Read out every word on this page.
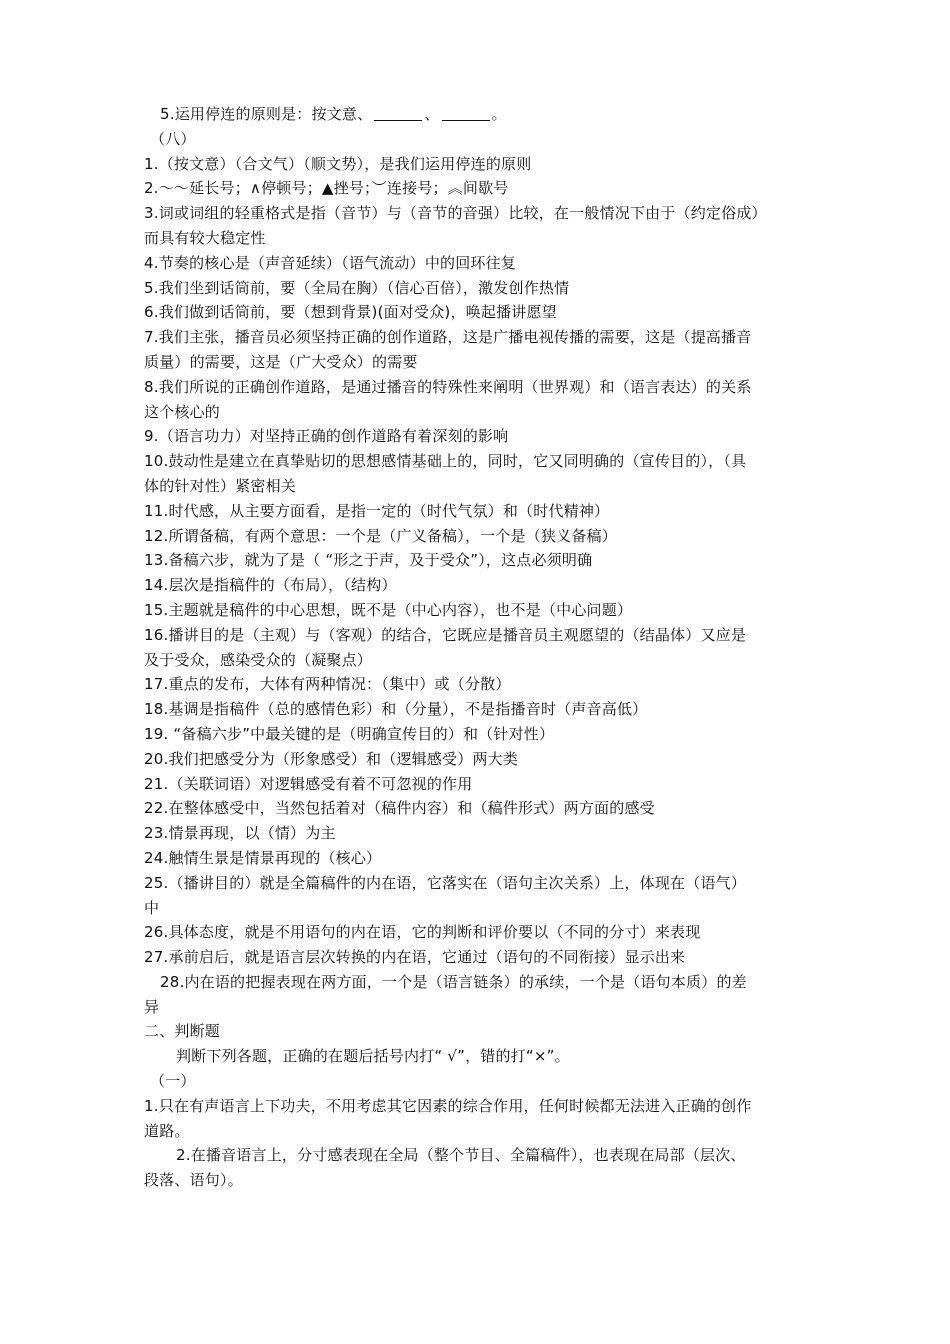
5.运用停连的原则是：按文意、	、	。
（八）
1.（按文意）（合文气）（顺文势），是我们运用停连的原则
2.～～延长号；∧停顿号；▲挫号；︶连接号；︽间歇号
3.词或词组的轻重格式是指（音节）与（音节的音强）比较，在一般情况下由于（约定俗成）
而具有较大稳定性
4.节奏的核心是（声音延续）（语气流动）中的回环往复
5.我们坐到话筒前，要（全局在胸）（信心百倍），激发创作热情
6.我们做到话筒前，要（想到背景)(面对受众)，唤起播讲愿望
7.我们主张，播音员必须坚持正确的创作道路，这是广播电视传播的需要，这是（提高播音
质量）的需要，这是（广大受众）的需要
8.我们所说的正确创作道路，是通过播音的特殊性来阐明（世界观）和（语言表达）的关系
这个核心的
9.（语言功力）对坚持正确的创作道路有着深刻的影响
10.鼓动性是建立在真挚贴切的思想感情基础上的，同时，它又同明确的（宣传目的），（具
体的针对性）紧密相关
11.时代感，从主要方面看，是指一定的（时代气氛）和（时代精神）
12.所谓备稿，有两个意思：一个是（广义备稿），一个是（狭义备稿）
13.备稿六步，就为了是（ “形之于声，及于受众”），这点必须明确
14.层次是指稿件的（布局），（结构）
15.主题就是稿件的中心思想，既不是（中心内容），也不是（中心问题）
16.播讲目的是（主观）与（客观）的结合，它既应是播音员主观愿望的（结晶体）又应是
及于受众，感染受众的（凝聚点）
17.重点的发布，大体有两种情况：（集中）或（分散）
18.基调是指稿件（总的感情色彩）和（分量），不是指播音时（声音高低）
19. “备稿六步”中最关键的是（明确宣传目的）和（针对性）
20.我们把感受分为（形象感受）和（逻辑感受）两大类
21.（关联词语）对逻辑感受有着不可忽视的作用
22.在整体感受中，当然包括着对（稿件内容）和（稿件形式）两方面的感受
23.情景再现，以（情）为主
24.触情生景是情景再现的（核心）
25.（播讲目的）就是全篇稿件的内在语，它落实在（语句主次关系）上，体现在（语气）
中
26.具体态度，就是不用语句的内在语，它的判断和评价要以（不同的分寸）来表现
27.承前启后，就是语言层次转换的内在语，它通过（语句的不同衔接）显示出来
28.内在语的把握表现在两方面，一个是（语言链条）的承续，一个是（语句本质）的差
异
二、判断题
判断下列各题，正确的在题后括号内打“ √”，错的打“×”。
（一）
1.只在有声语言上下功夫，不用考虑其它因素的综合作用，任何时候都无法进入正确的创作
道路。
2.在播音语言上，分寸感表现在全局（整个节目、全篇稿件），也表现在局部（层次、
段落、语句）。
